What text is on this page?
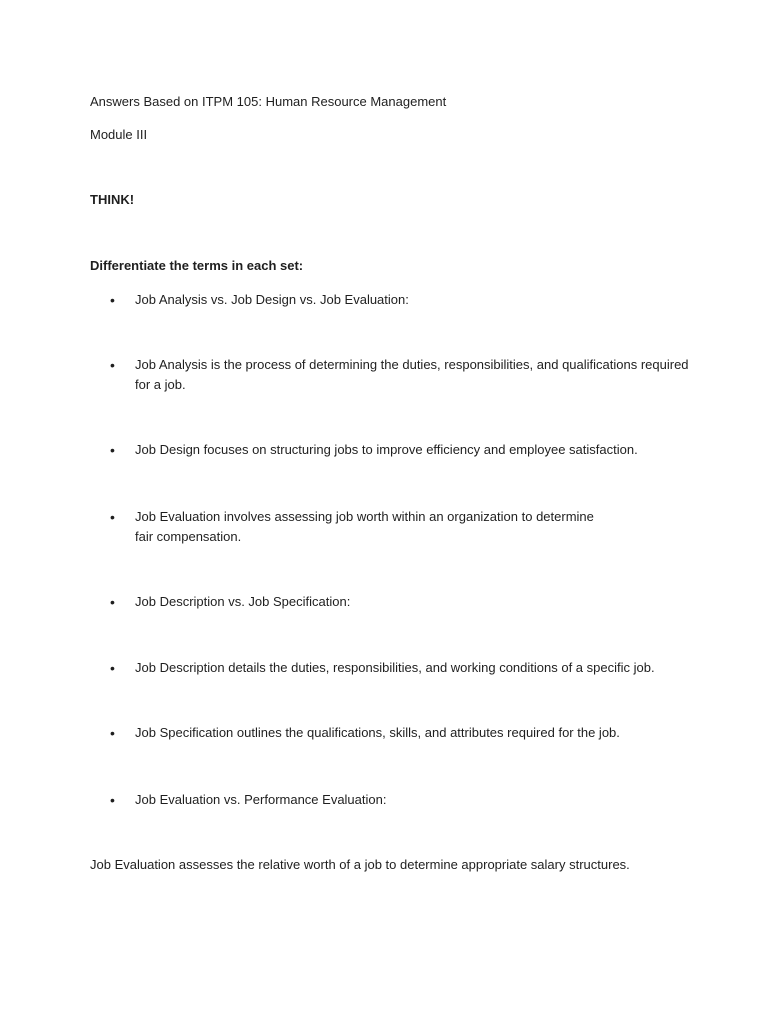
Answers Based on ITPM 105: Human Resource Management
Module III
THINK!
Differentiate the terms in each set:
•	Job Analysis vs. Job Design vs. Job Evaluation:
•	Job Analysis is the process of determining the duties, responsibilities, and qualifications required for a job.
•	Job Design focuses on structuring jobs to improve efficiency and employee satisfaction.
•	Job Evaluation involves assessing job worth within an organization to determine fair compensation.
•	Job Description vs. Job Specification:
•	Job Description details the duties, responsibilities, and working conditions of a specific job.
•	Job Specification outlines the qualifications, skills, and attributes required for the job.
•	Job Evaluation vs. Performance Evaluation:
Job Evaluation assesses the relative worth of a job to determine appropriate salary structures.
